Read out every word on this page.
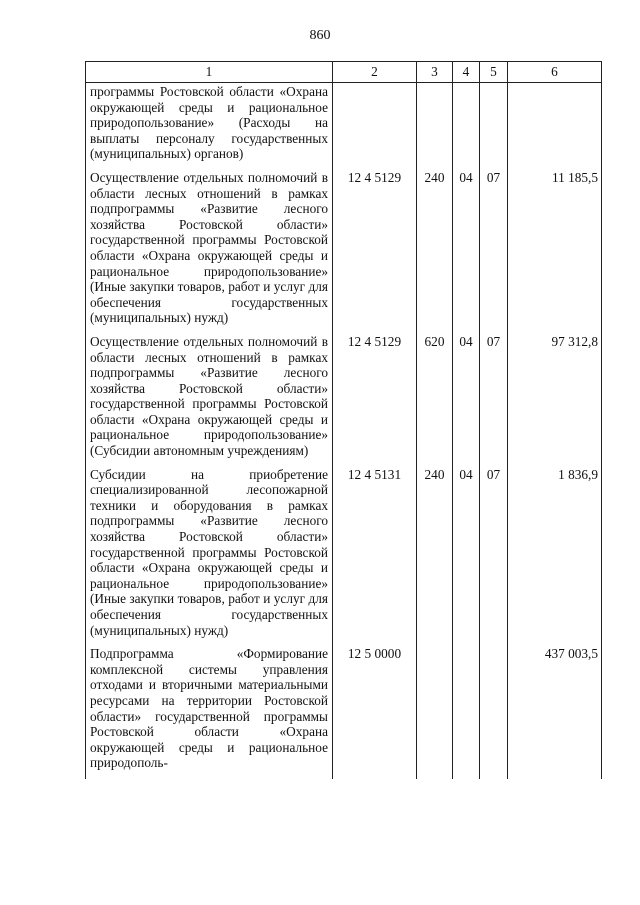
860
1	2	3	4	5	6
программы Ростовской области «Охрана окружающей среды и рациональное природопользование» (Расходы на выплаты персоналу государственных (муниципальных) органов)					
Осуществление отдельных полномочий в области лесных отношений в рамках подпрограммы «Развитие лесного хозяйства Ростовской области» государственной программы Ростовской области «Охрана окружающей среды и рациональное природопользование» (Иные закупки товаров, работ и услуг для обеспечения государственных (муниципальных) нужд)	12 4 5129	240	04	07	11 185,5
Осуществление отдельных полномочий в области лесных отношений в рамках подпрограммы «Развитие лесного хозяйства Ростовской области» государственной программы Ростовской области «Охрана окружающей среды и рациональное природопользование» (Субсидии автономным учреждениям)	12 4 5129	620	04	07	97 312,8
Субсидии на приобретение специализированной лесопожарной техники и оборудования в рамках подпрограммы «Развитие лесного хозяйства Ростовской области» государственной программы Ростовской области «Охрана окружающей среды и рациональное природопользование» (Иные закупки товаров, работ и услуг для обеспечения государственных (муниципальных) нужд)	12 4 5131	240	04	07	1 836,9
Подпрограмма «Формирование комплексной системы управления отходами и вторичными материальными ресурсами на территории Ростовской области» государственной программы Ростовской области «Охрана окружающей среды и рациональное природополь-	12 5 0000				437 003,5
